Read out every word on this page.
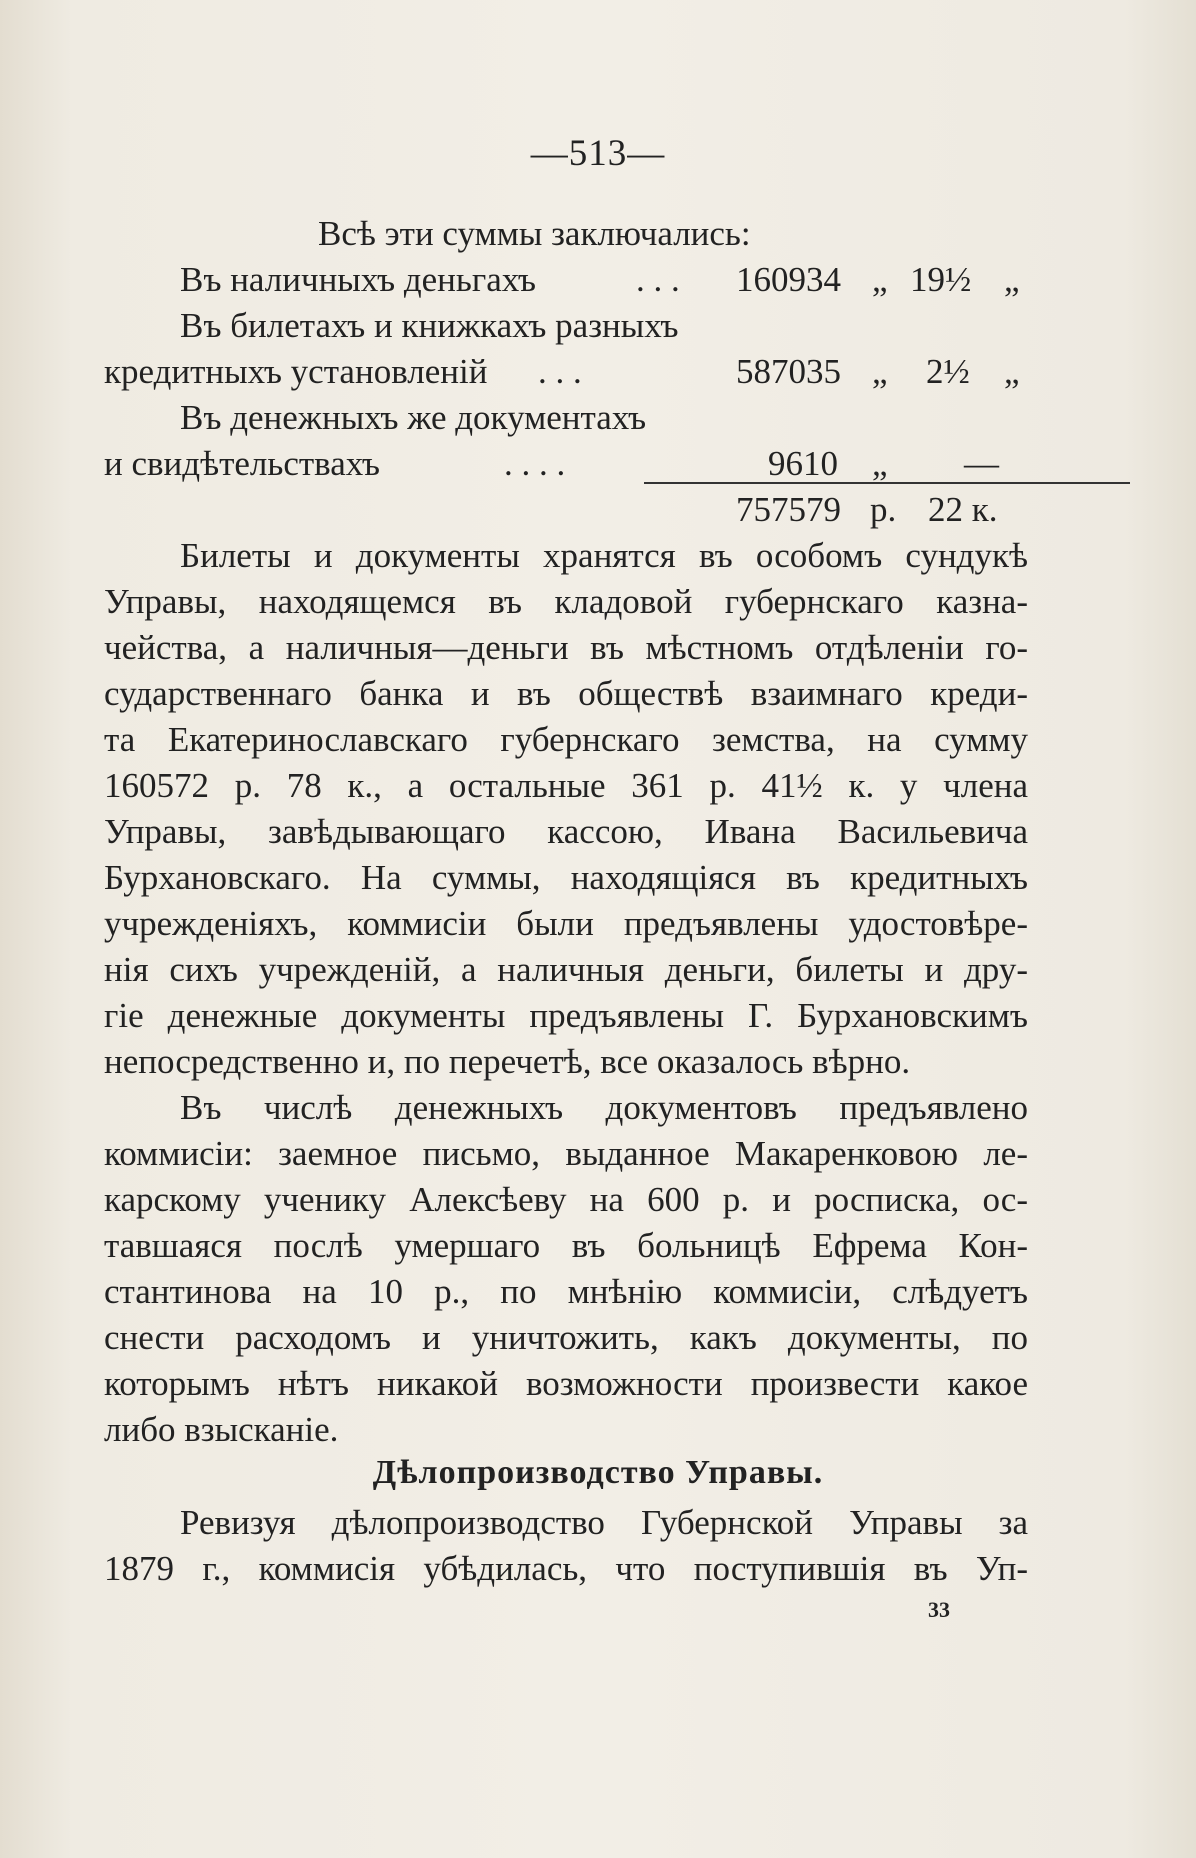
—513—
Всѣ эти суммы заключались:
Въ наличныхъ деньгахъ	. . . 160934 „ 19½ „
Въ билетахъ и книжкахъ разныхъ
кредитныхъ установленій . . .	587035 „ 2½ „
Въ денежныхъ же документахъ
и свидѣтельствахъ	. . . .	9610 „ —
757579 р. 22 к.
Билеты и документы хранятся въ особомъ сундукѣ
Управы, находящемся въ кладовой губернскаго казна-
чейства, а наличныя—деньги въ мѣстномъ отдѣленіи го-
сударственнаго банка и въ обществѣ взаимнаго креди-
та Екатеринославскаго губернскаго земства, на сумму
160572 р. 78 к., а остальные 361 р. 41½ к. у члена
Управы, завѣдывающаго кассою, Ивана Васильевича
Бурхановскаго. На суммы, находящіяся въ кредитныхъ
учрежденіяхъ, коммисіи были предъявлены удостовѣре-
нія сихъ учрежденій, а наличныя деньги, билеты и дру-
гіе денежные документы предъявлены Г. Бурхановскимъ
непосредственно и, по перечетѣ, все оказалось вѣрно.
Въ числѣ денежныхъ документовъ предъявлено
коммисіи: заемное письмо, выданное Макаренковою ле-
карскому ученику Алексѣеву на 600 р. и росписка, ос-
тавшаяся послѣ умершаго въ больницѣ Ефрема Кон-
стантинова на 10 р., по мнѣнію коммисіи, слѣдуетъ
снести расходомъ и уничтожить, какъ документы, по
которымъ нѣтъ никакой возможности произвести какое
либо взысканіе.
Дѣлопроизводство Управы.
Ревизуя дѣлопроизводство Губернской Управы за
1879 г., коммисія убѣдилась, что поступившія въ Уп-
33
